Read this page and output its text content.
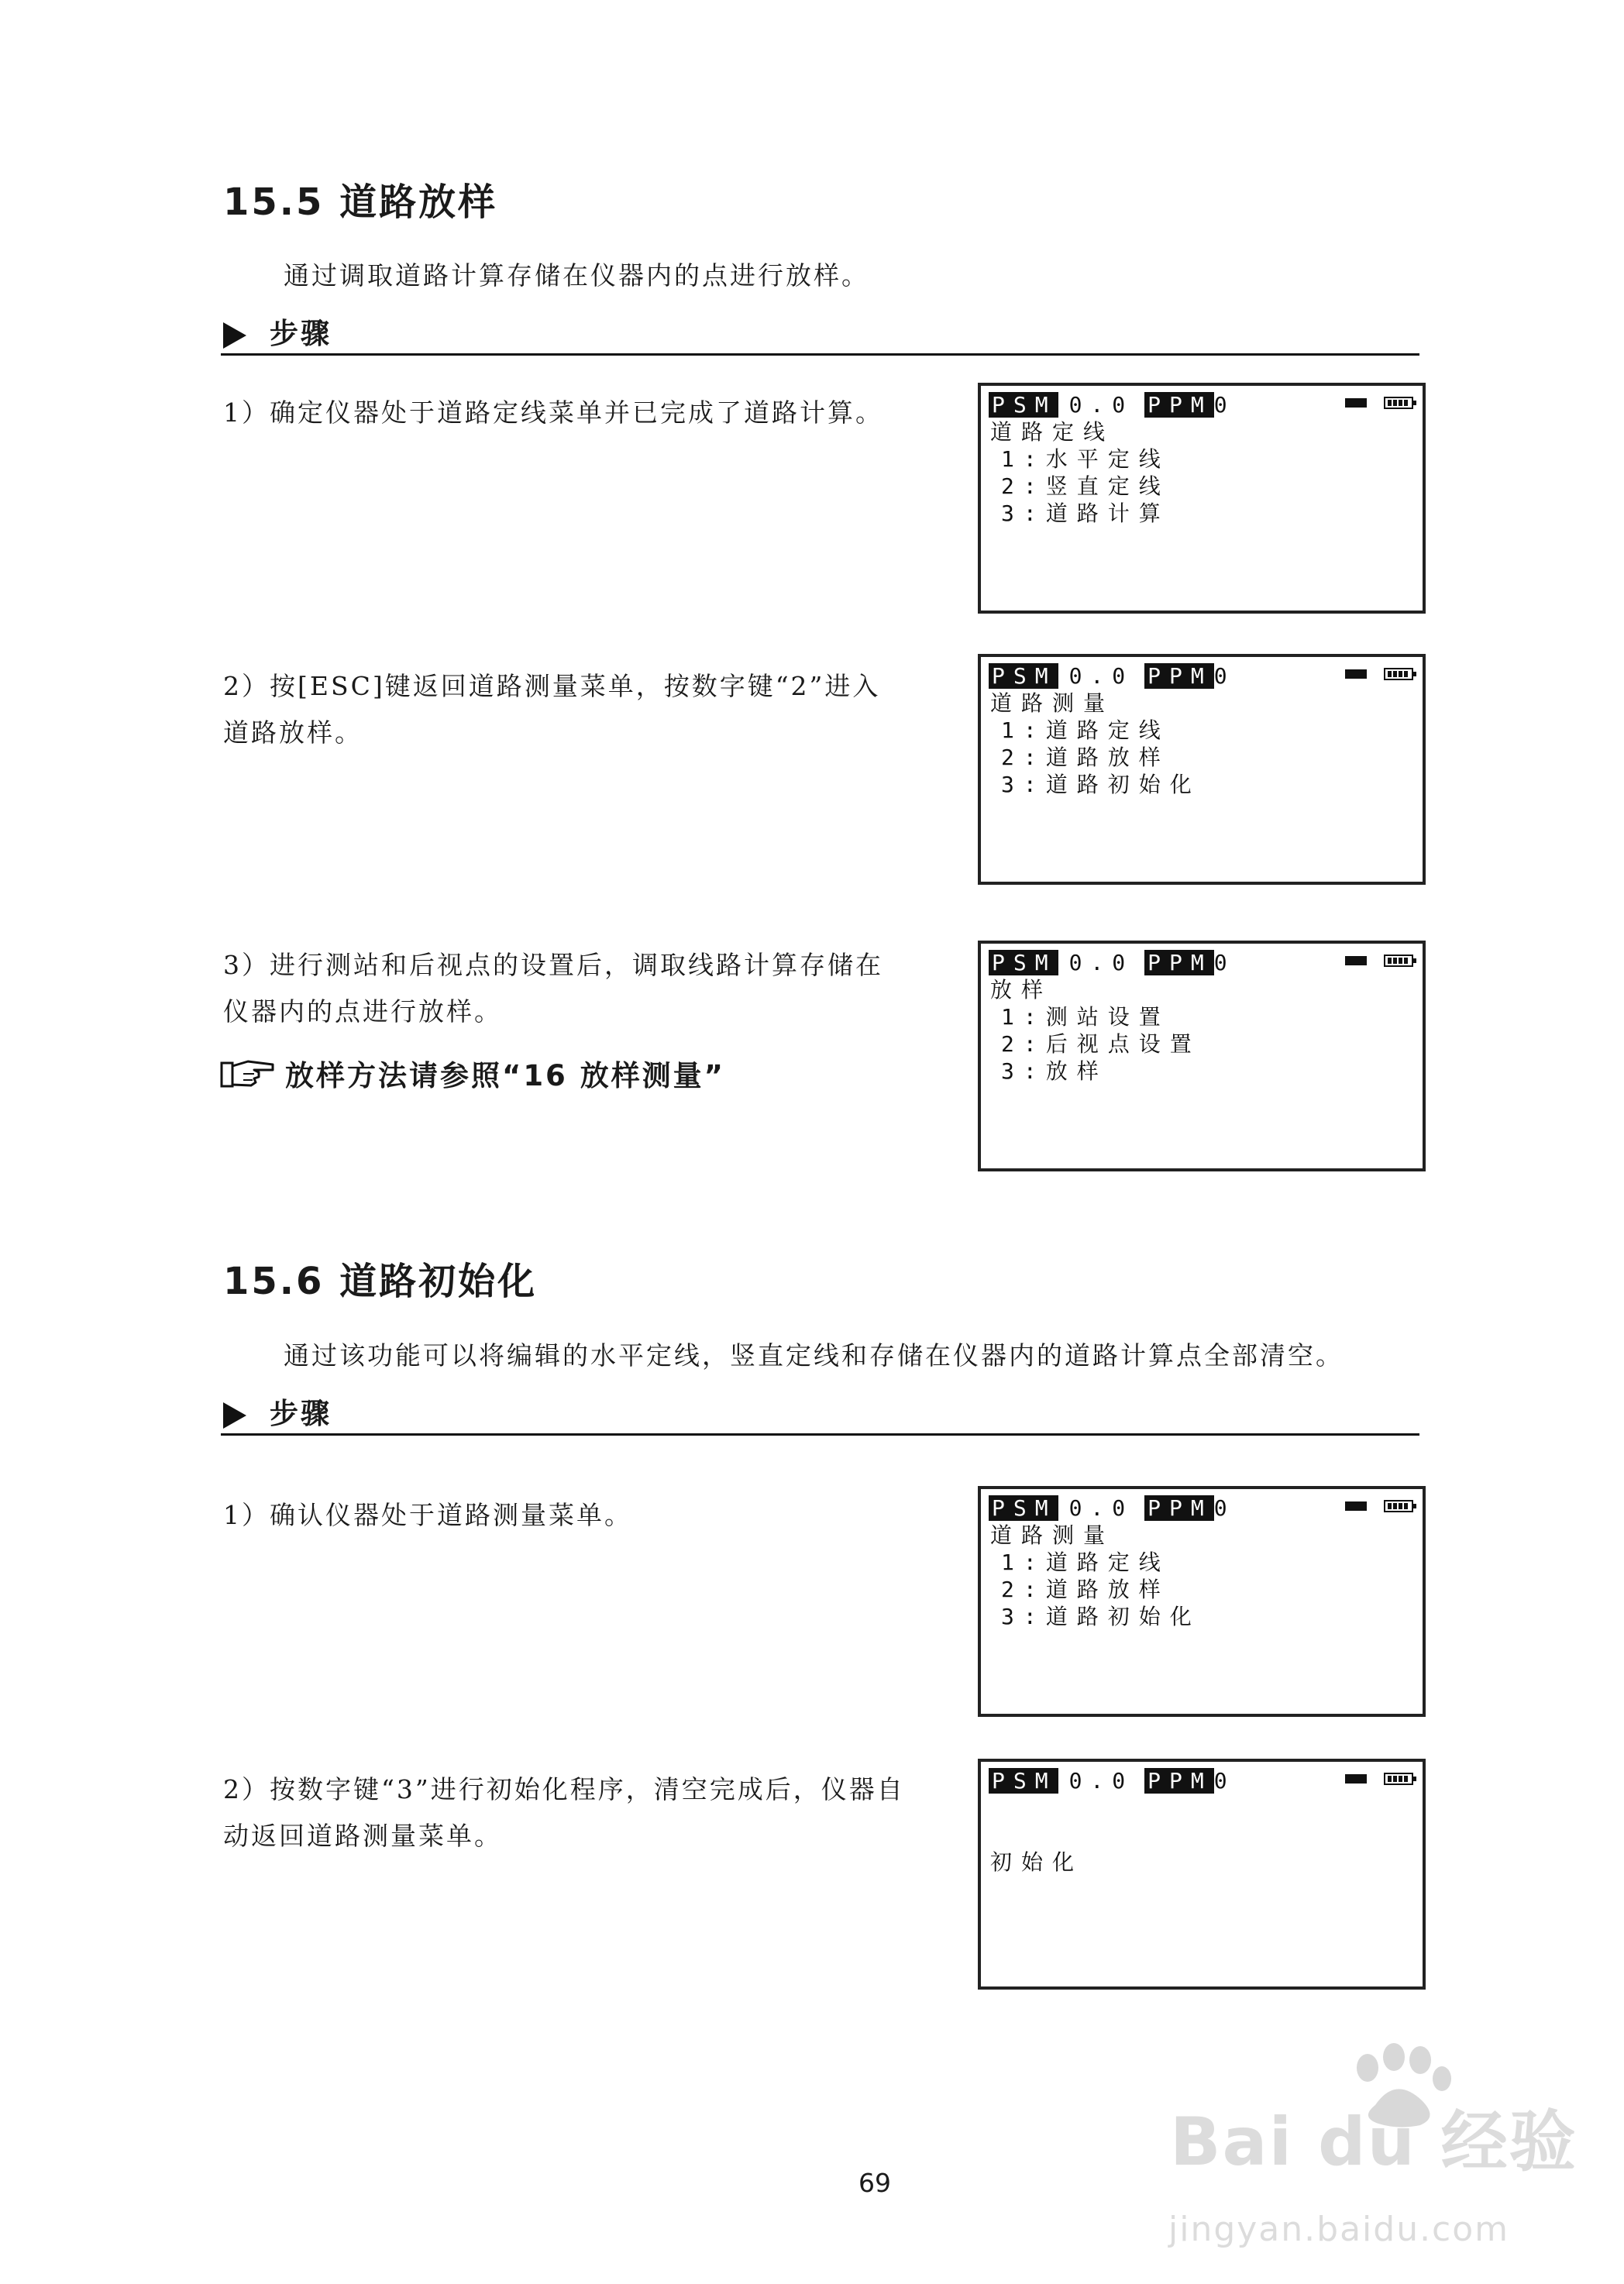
15.5 道路放样
通过调取道路计算存储在仪器内的点进行放样。
步骤
1）确定仪器处于道路定线菜单并已完成了道路计算。
2）按[ESC]键返回道路测量菜单，按数字键“2”进入道路放样。
3）进行测站和后视点的设置后，调取线路计算存储在仪器内的点进行放样。
放样方法请参照“16 放样测量”
15.6 道路初始化
通过该功能可以将编辑的水平定线，竖直定线和存储在仪器内的道路计算点全部清空。
步骤
1）确认仪器处于道路测量菜单。
2）按数字键“3”进行初始化程序，清空完成后，仪器自动返回道路测量菜单。
PSM 0.0 PPM 0
道路定线
1:水平定线
2:竖直定线
3:道路计算
PSM 0.0 PPM 0
道路测量
1:道路定线
2:道路放样
3:道路初始化
PSM 0.0 PPM 0
放样
1:测站设置
2:后视点设置
3:放样
PSM 0.0 PPM 0
道路测量
1:道路定线
2:道路放样
3:道路初始化
PSM 0.0 PPM 0
初始化
69
Bai du 经验
jingyan.baidu.com
